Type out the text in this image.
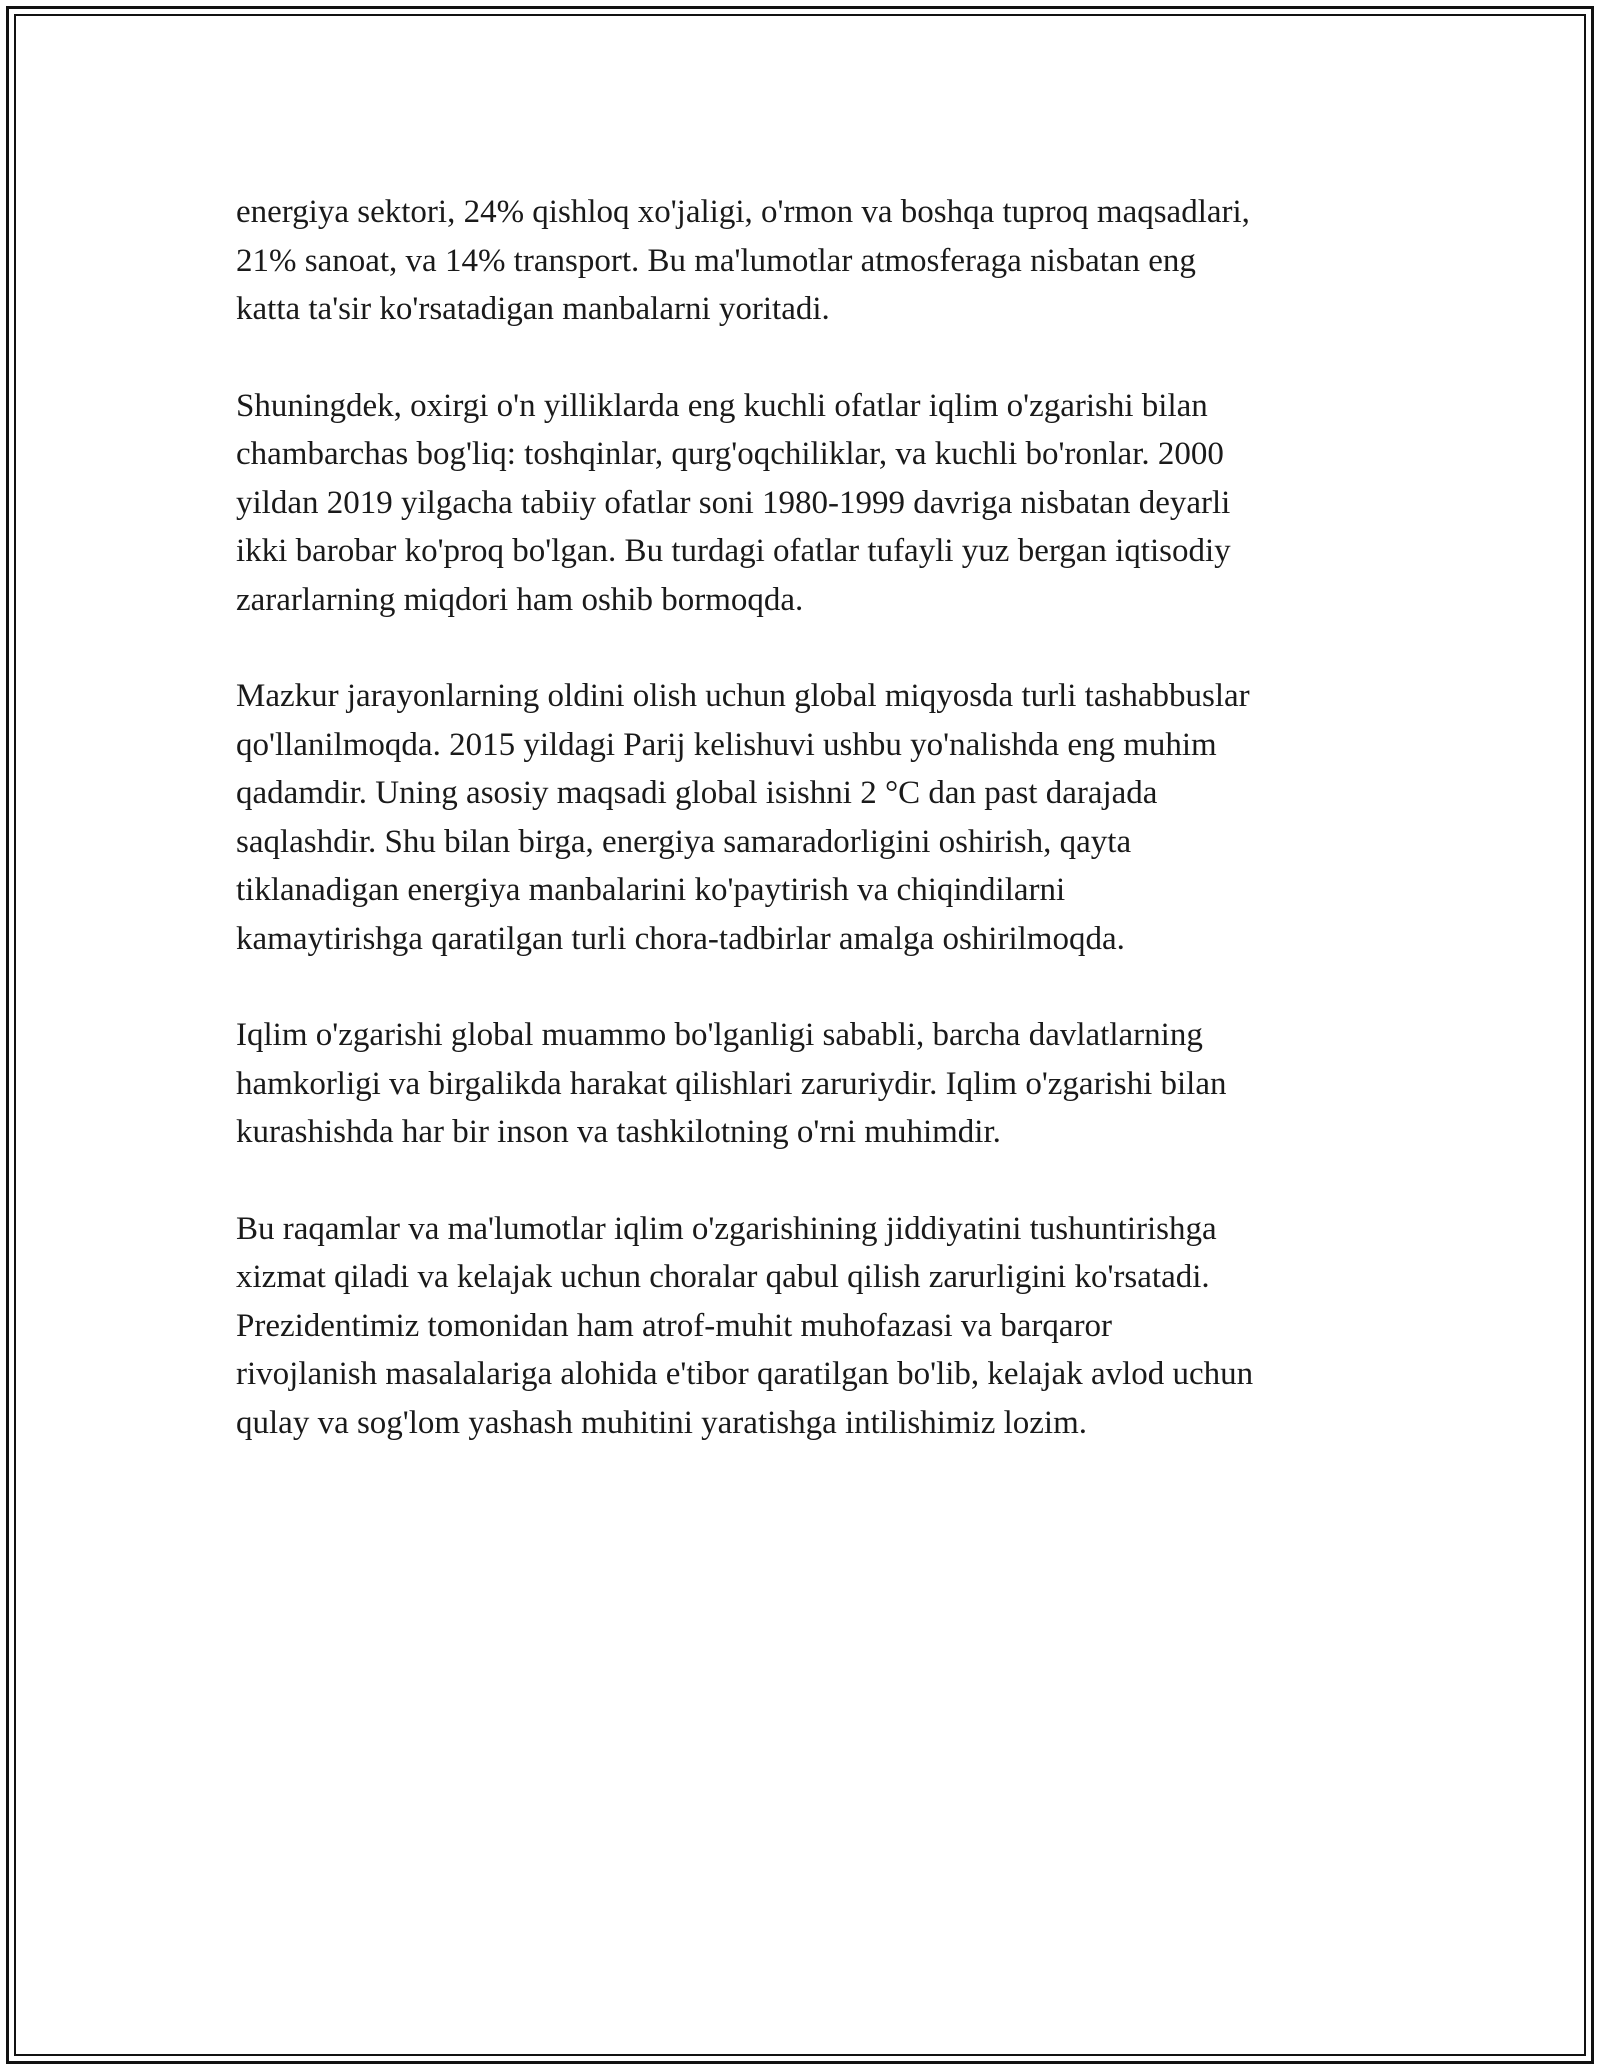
energiya sektori, 24% qishloq xo'jaligi, o'rmon va boshqa tuproq maqsadlari,
21% sanoat, va 14% transport. Bu ma'lumotlar atmosferaga nisbatan eng
katta ta'sir ko'rsatadigan manbalarni yoritadi.

Shuningdek, oxirgi o'n yilliklarda eng kuchli ofatlar iqlim o'zgarishi bilan
chambarchas bog'liq: toshqinlar, qurg'oqchiliklar, va kuchli bo'ronlar. 2000
yildan 2019 yilgacha tabiiy ofatlar soni 1980-1999 davriga nisbatan deyarli
ikki barobar ko'proq bo'lgan. Bu turdagi ofatlar tufayli yuz bergan iqtisodiy
zararlarning miqdori ham oshib bormoqda.

Mazkur jarayonlarning oldini olish uchun global miqyosda turli tashabbuslar
qo'llanilmoqda. 2015 yildagi Parij kelishuvi ushbu yo'nalishda eng muhim
qadamdir. Uning asosiy maqsadi global isishni 2 °C dan past darajada
saqlashdir. Shu bilan birga, energiya samaradorligini oshirish, qayta
tiklanadigan energiya manbalarini ko'paytirish va chiqindilarni
kamaytirishga qaratilgan turli chora-tadbirlar amalga oshirilmoqda.

Iqlim o'zgarishi global muammo bo'lganligi sababli, barcha davlatlarning
hamkorligi va birgalikda harakat qilishlari zaruriydir. Iqlim o'zgarishi bilan
kurashishda har bir inson va tashkilotning o'rni muhimdir.

Bu raqamlar va ma'lumotlar iqlim o'zgarishining jiddiyatini tushuntirishga
xizmat qiladi va kelajak uchun choralar qabul qilish zarurligini ko'rsatadi.
Prezidentimiz tomonidan ham atrof-muhit muhofazasi va barqaror
rivojlanish masalalariga alohida e'tibor qaratilgan bo'lib, kelajak avlod uchun
qulay va sog'lom yashash muhitini yaratishga intilishimiz lozim.
